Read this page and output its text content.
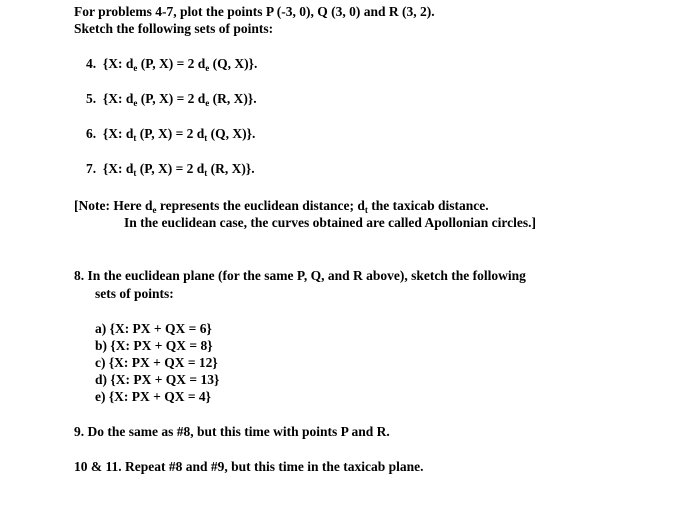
For problems 4-7, plot the points P (-3, 0), Q (3, 0) and R (3, 2).
Sketch the following sets of points:
4. {X: $d_e$ (P, X) = 2 $d_e$ (Q, X)}.
5. {X: $d_e$ (P, X) = 2 $d_e$ (R, X)}.
6. {X: $d_t$ (P, X) = 2 $d_t$ (Q, X)}.
7. {X: $d_t$ (P, X) = 2 $d_t$ (R, X)}.
[Note: Here $d_e$ represents the euclidean distance; $d_t$ the taxicab distance.
In the euclidean case, the curves obtained are called Apollonian circles.]
8. In the euclidean plane (for the same P, Q, and R above), sketch the following
sets of points:
a) {X: PX + QX = 6}
b) {X: PX + QX = 8}
c) {X: PX + QX = 12}
d) {X: PX + QX = 13}
e) {X: PX + QX = 4}
9. Do the same as #8, but this time with points P and R.
10 & 11. Repeat #8 and #9, but this time in the taxicab plane.
